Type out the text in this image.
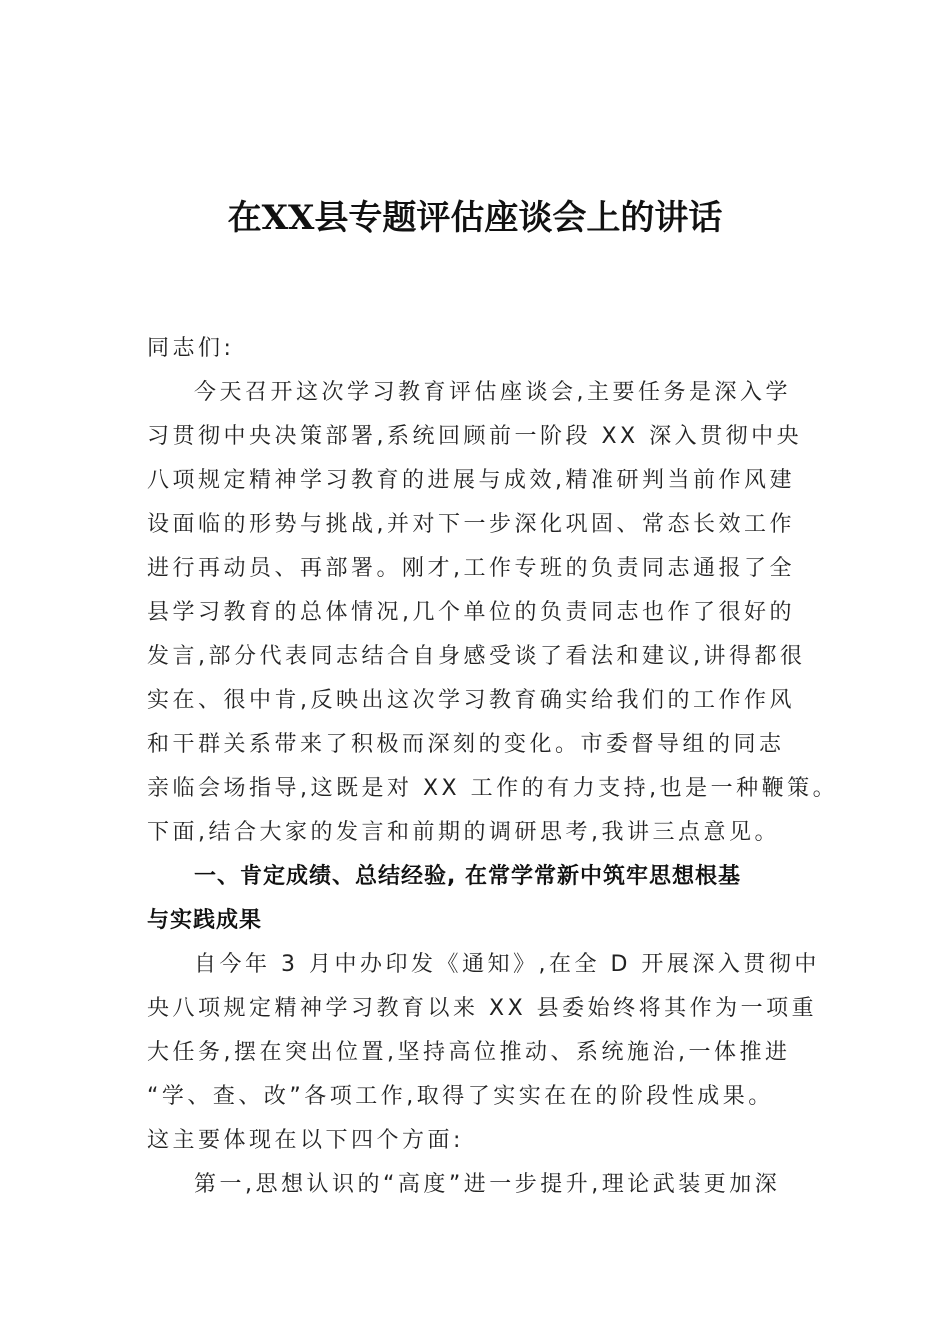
在XX县专题评估座谈会上的讲话
同志们:
今天召开这次学习教育评估座谈会,主要任务是深入学
习贯彻中央决策部署,系统回顾前一阶段 XX 深入贯彻中央
八项规定精神学习教育的进展与成效,精准研判当前作风建
设面临的形势与挑战,并对下一步深化巩固、常态长效工作
进行再动员、再部署。刚才,工作专班的负责同志通报了全
县学习教育的总体情况,几个单位的负责同志也作了很好的
发言,部分代表同志结合自身感受谈了看法和建议,讲得都很
实在、很中肯,反映出这次学习教育确实给我们的工作作风
和干群关系带来了积极而深刻的变化。市委督导组的同志
亲临会场指导,这既是对 XX 工作的有力支持,也是一种鞭策。
下面,结合大家的发言和前期的调研思考,我讲三点意见。
一、肯定成绩、总结经验, 在常学常新中筑牢思想根基
与实践成果
自今年 3 月中办印发《通知》,在全 D 开展深入贯彻中
央八项规定精神学习教育以来 XX 县委始终将其作为一项重
大任务,摆在突出位置,坚持高位推动、系统施治,一体推进
“学、查、改”各项工作,取得了实实在在的阶段性成果。
这主要体现在以下四个方面:
第一,思想认识的“高度”进一步提升,理论武装更加深
